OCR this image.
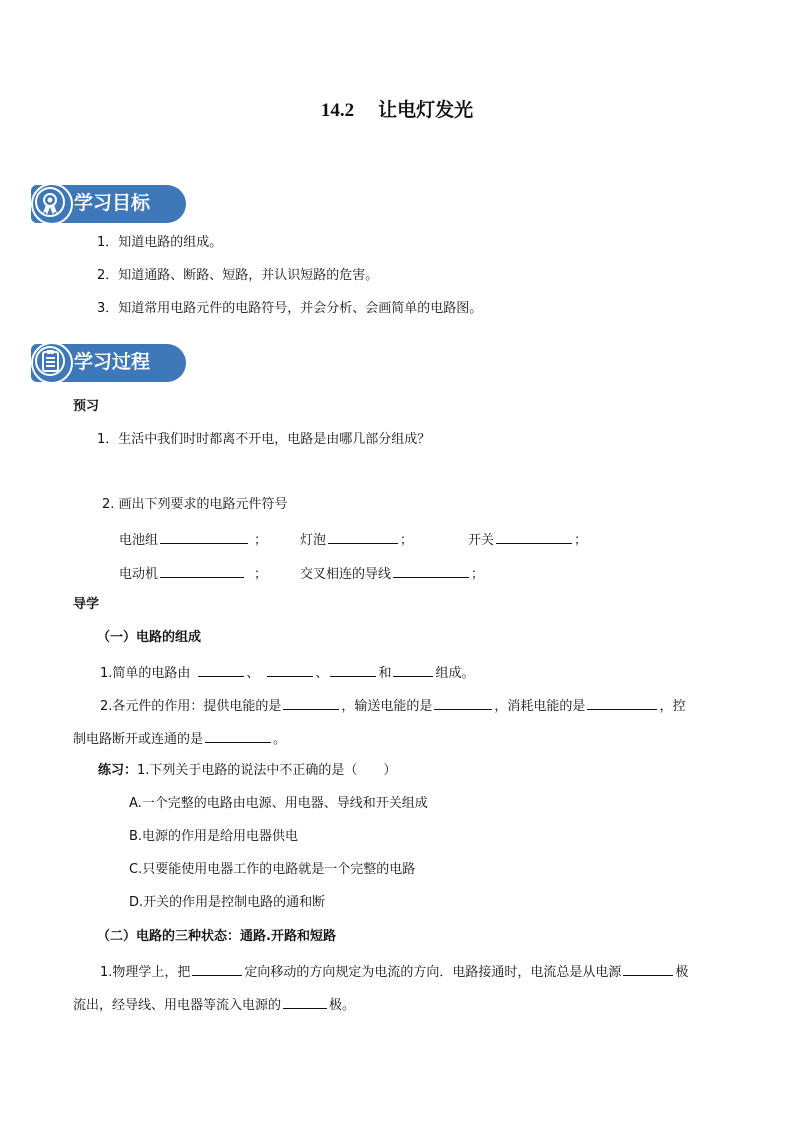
14.2 让电灯发光
学习目标
1．知道电路的组成。
2．知道通路、断路、短路，并认识短路的危害。
3．知道常用电路元件的电路符号，并会分析、会画简单的电路图。
学习过程
预习
1．生活中我们时时都离不开电，电路是由哪几部分组成？
2. 画出下列要求的电路元件符号
电池组	；	灯泡	；	开关	；
电动机	；	交叉相连的导线	；
导学
（一）电路的组成
1.简单的电路由	、	、	和	组成。
2.各元件的作用：提供电能的是	，输送电能的是	，消耗电能的是	，控
制电路断开或连通的是	。
练习：1.下列关于电路的说法中不正确的是（　　）
A.一个完整的电路由电源、用电器、导线和开关组成
B.电源的作用是给用电器供电
C.只要能使用电器工作的电路就是一个完整的电路
D.开关的作用是控制电路的通和断
（二）电路的三种状态：通路.开路和短路
1.物理学上，把	定向移动的方向规定为电流的方向．电路接通时，电流总是从电源	极
流出，经导线、用电器等流入电源的	极。
